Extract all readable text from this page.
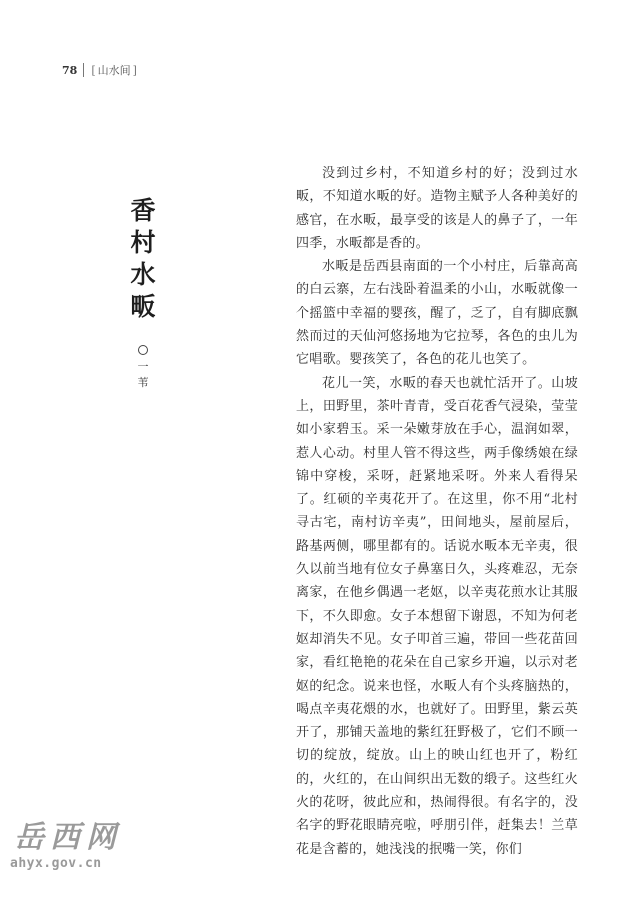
78 [ 山水间 ]
香
村
水
畈
一
苇

没到过乡村，不知道乡村的好；没到过水畈，不知道水畈的好。造物主赋予人各种美好的感官，在水畈，最享受的该是人的鼻子了，一年四季，水畈都是香的。

水畈是岳西县南面的一个小村庄，后靠高高的白云寨，左右浅卧着温柔的小山，水畈就像一个摇篮中幸福的婴孩，醒了，乏了，自有脚底飘然而过的天仙河悠扬地为它拉琴，各色的虫儿为它唱歌。婴孩笑了，各色的花儿也笑了。

花儿一笑，水畈的春天也就忙活开了。山坡上，田野里，茶叶青青，受百花香气浸染，莹莹如小家碧玉。采一朵嫩芽放在手心，温润如翠，惹人心动。村里人管不得这些，两手像绣娘在绿锦中穿梭，采呀，赶紧地采呀。外来人看得呆了。红硕的辛夷花开了。在这里，你不用“北村寻古宅，南村访辛夷”，田间地头，屋前屋后，路基两侧，哪里都有的。话说水畈本无辛夷，很久以前当地有位女子鼻塞日久，头疼难忍，无奈离家，在他乡偶遇一老妪，以辛夷花煎水让其服下，不久即愈。女子本想留下谢恩，不知为何老妪却消失不见。女子叩首三遍，带回一些花苗回家，看红艳艳的花朵在自己家乡开遍，以示对老妪的纪念。说来也怪，水畈人有个头疼脑热的，喝点辛夷花煨的水，也就好了。田野里，紫云英开了，那铺天盖地的紫红狂野极了，它们不顾一切的绽放，绽放。山上的映山红也开了，粉红的，火红的，在山间织出无数的缎子。这些红火火的花呀，彼此应和，热闹得很。有名字的，没名字的野花眼睛亮啦，呼朋引伴，赶集去！兰草花是含蓄的，她浅浅的抿嘴一笑，你们

岳西网
ahyx.gov.cn
